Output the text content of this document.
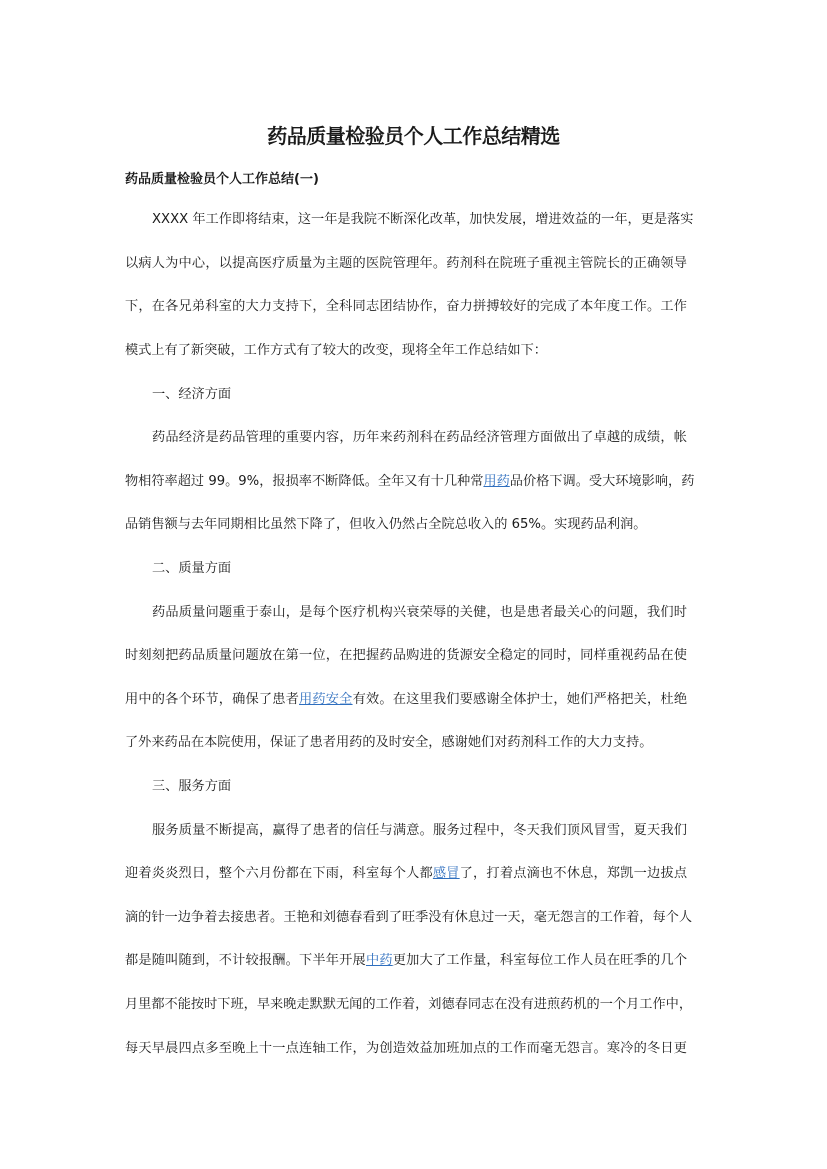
药品质量检验员个人工作总结精选
药品质量检验员个人工作总结(一)
XXXX 年工作即将结束，这一年是我院不断深化改革，加快发展，增进效益的一年，更是落实
以病人为中心，以提高医疗质量为主题的医院管理年。药剂科在院班子重视主管院长的正确领导
下，在各兄弟科室的大力支持下，全科同志团结协作，奋力拼搏较好的完成了本年度工作。工作
模式上有了新突破，工作方式有了较大的改变，现将全年工作总结如下：
一、经济方面
药品经济是药品管理的重要内容，历年来药剂科在药品经济管理方面做出了卓越的成绩，帐
物相符率超过 99。9%，报损率不断降低。全年又有十几种常用药品价格下调。受大环境影响，药
品销售额与去年同期相比虽然下降了，但收入仍然占全院总收入的 65%。实现药品利润。
二、质量方面
药品质量问题重于泰山，是每个医疗机构兴衰荣辱的关健，也是患者最关心的问题，我们时
时刻刻把药品质量问题放在第一位，在把握药品购进的货源安全稳定的同时，同样重视药品在使
用中的各个环节，确保了患者用药安全有效。在这里我们要感谢全体护士，她们严格把关，杜绝
了外来药品在本院使用，保证了患者用药的及时安全，感谢她们对药剂科工作的大力支持。
三、服务方面
服务质量不断提高，赢得了患者的信任与满意。服务过程中，冬天我们顶风冒雪，夏天我们
迎着炎炎烈日，整个六月份都在下雨，科室每个人都感冒了，打着点滴也不休息，郑凯一边拔点
滴的针一边争着去接患者。王艳和刘德春看到了旺季没有休息过一天，毫无怨言的工作着，每个人
都是随叫随到，不计较报酬。下半年开展中药更加大了工作量，科室每位工作人员在旺季的几个
月里都不能按时下班，早来晚走默默无闻的工作着，刘德春同志在没有进煎药机的一个月工作中，
每天早晨四点多至晚上十一点连轴工作，为创造效益加班加点的工作而毫无怨言。寒冷的冬日更
